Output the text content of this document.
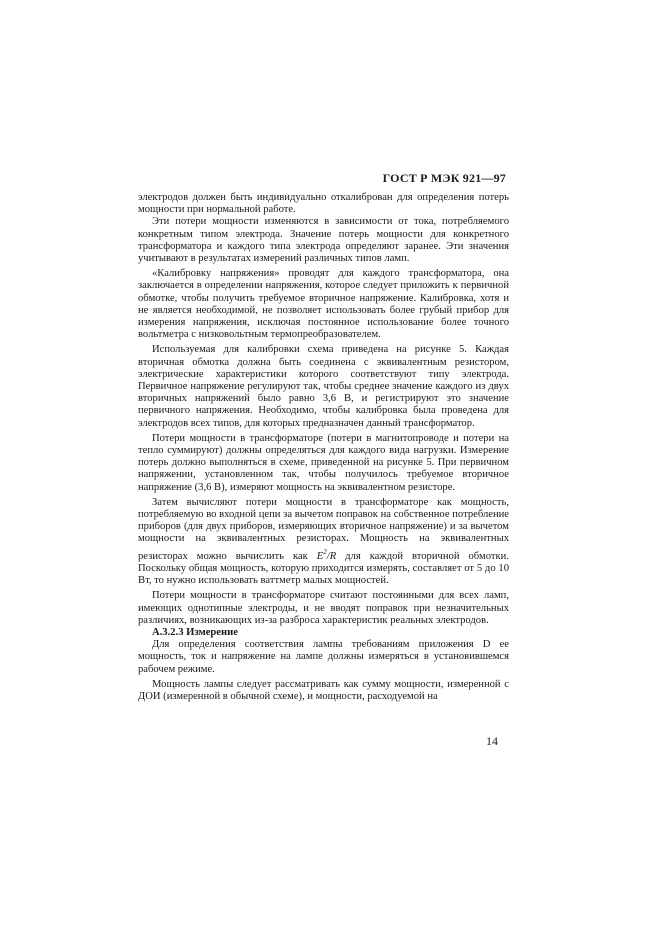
ГОСТ Р МЭК 921—97

электродов должен быть индивидуально откалиброван для определения потерь мощности при нормальной работе.

Эти потери мощности изменяются в зависимости от тока, потребляемого конкретным типом электрода. Значение потерь мощности для конкретного трансформатора и каждого типа электрода определяют заранее. Эти значения учитывают в результатах измерений различных типов ламп.

«Калибровку напряжения» проводят для каждого трансформатора, она заключается в определении напряжения, которое следует приложить к первичной обмотке, чтобы получить требуемое вторичное напряжение. Калибровка, хотя и не является необходимой, не позволяет использовать более грубый прибор для измерения напряжения, исключая постоянное использование более точного вольтметра с низковольтным термопреобразователем.

Используемая для калибровки схема приведена на рисунке 5. Каждая вторичная обмотка должна быть соединена с эквивалентным резистором, электрические характеристики которого соответствуют типу электрода. Первичное напряжение регулируют так, чтобы среднее значение каждого из двух вторичных напряжений было равно 3,6 В, и регистрируют это значение первичного напряжения. Необходимо, чтобы калибровка была проведена для электродов всех типов, для которых предназначен данный трансформатор.

Потери мощности в трансформаторе (потери в магнитопроводе и потери на тепло суммируют) должны определяться для каждого вида нагрузки. Измерение потерь должно выполняться в схеме, приведенной на рисунке 5. При первичном напряжении, установленном так, чтобы получилось требуемое вторичное напряжение (3,6 В), измеряют мощность на эквивалентном резисторе.

Затем вычисляют потери мощности в трансформаторе как мощность, потребляемую во входной цепи за вычетом поправок на собственное потребление приборов (для двух приборов, измеряющих вторичное напряжение) и за вычетом мощности на эквивалентных резисторах. Мощность на эквивалентных резисторах можно вычислить как $E^2/R$ для каждой вторичной обмотки. Поскольку общая мощность, которую приходится измерять, составляет от 5 до 10 Вт, то нужно использовать ваттметр малых мощностей.

Потери мощности в трансформаторе считают постоянными для всех ламп, имеющих однотипные электроды, и не вводят поправок при незначительных различиях, возникающих из-за разброса характеристик реальных электродов.

A.3.2.3 Измерение

Для определения соответствия лампы требованиям приложения D ее мощность, ток и напряжение на лампе должны измеряться в установившемся рабочем режиме.

Мощность лампы следует рассматривать как сумму мощности, измеренной с ДОИ (измеренной в обычной схеме), и мощности, расходуемой на

14
